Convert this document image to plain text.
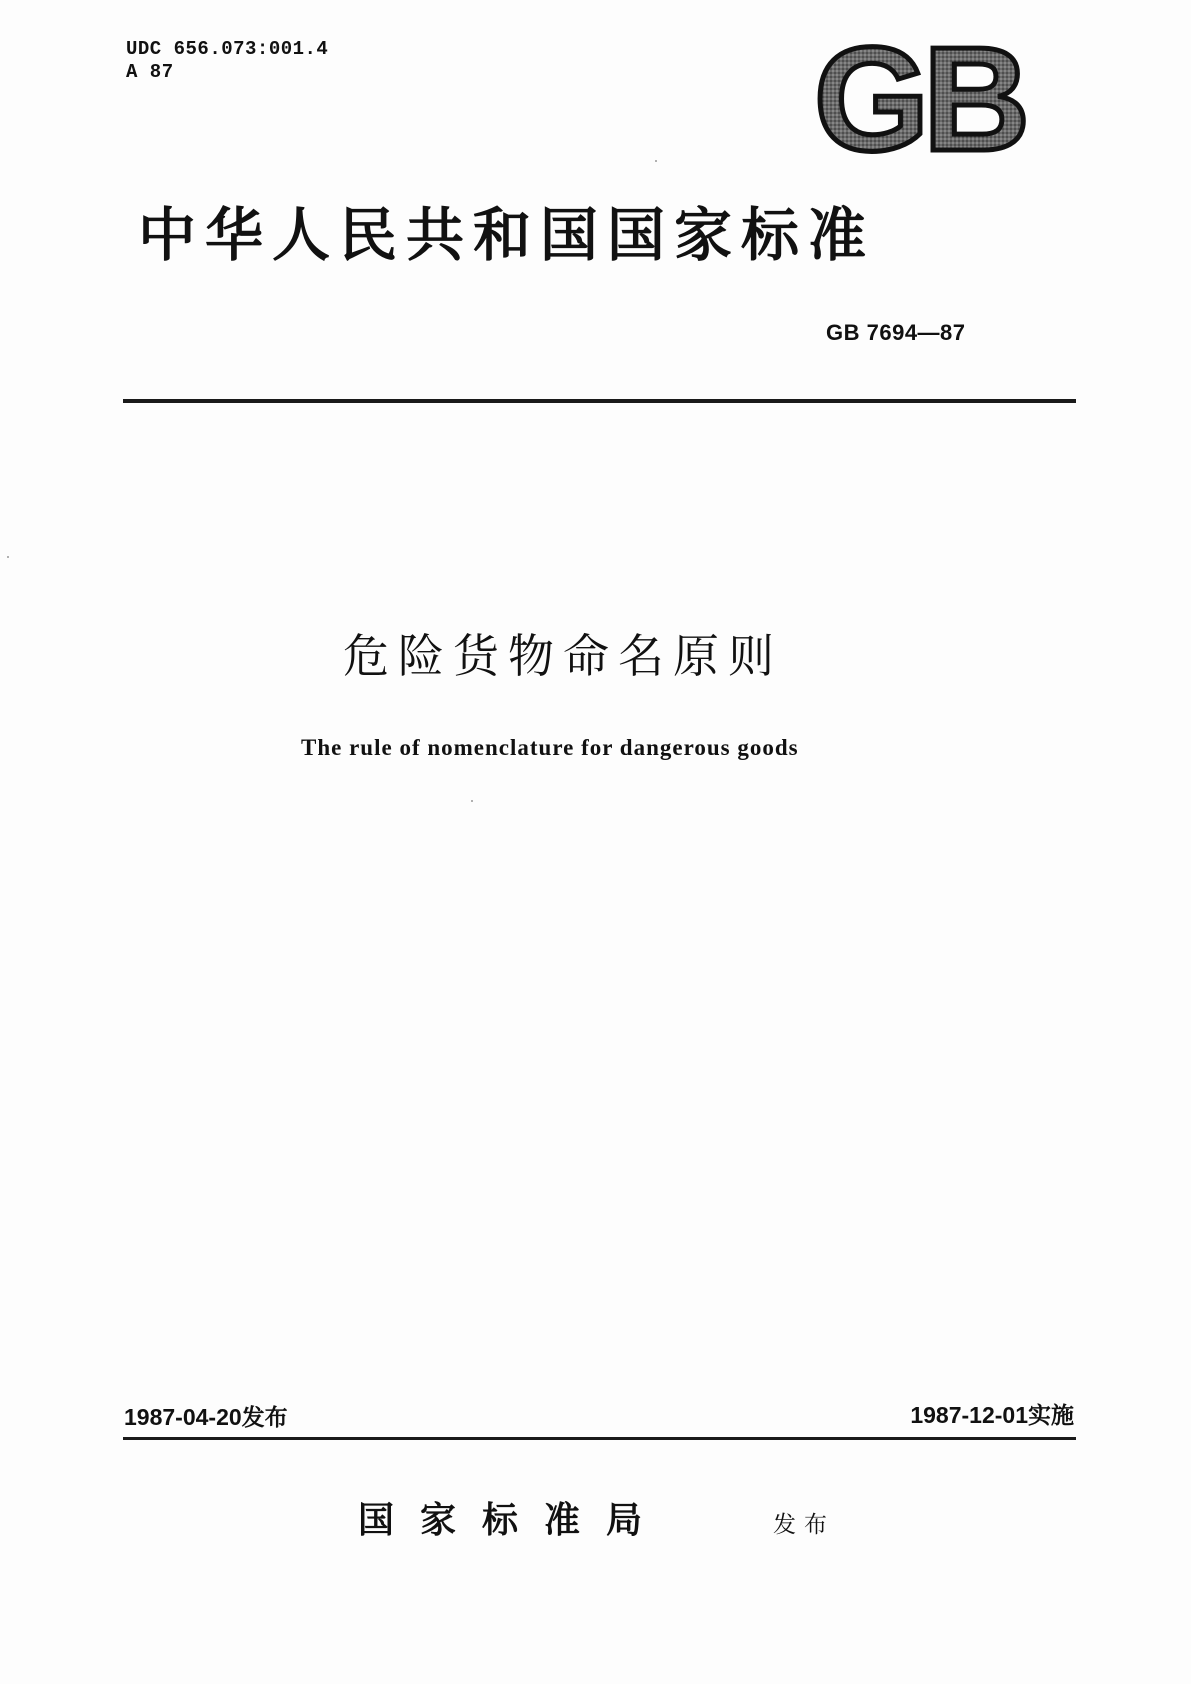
UDC 656.073:001.4
A 87	GB
中华人民共和国国家标准
GB 7694—87
危险货物命名原则
The rule of nomenclature for dangerous goods
1987-04-20发布	1987-12-01实施
国家标准局	发布
